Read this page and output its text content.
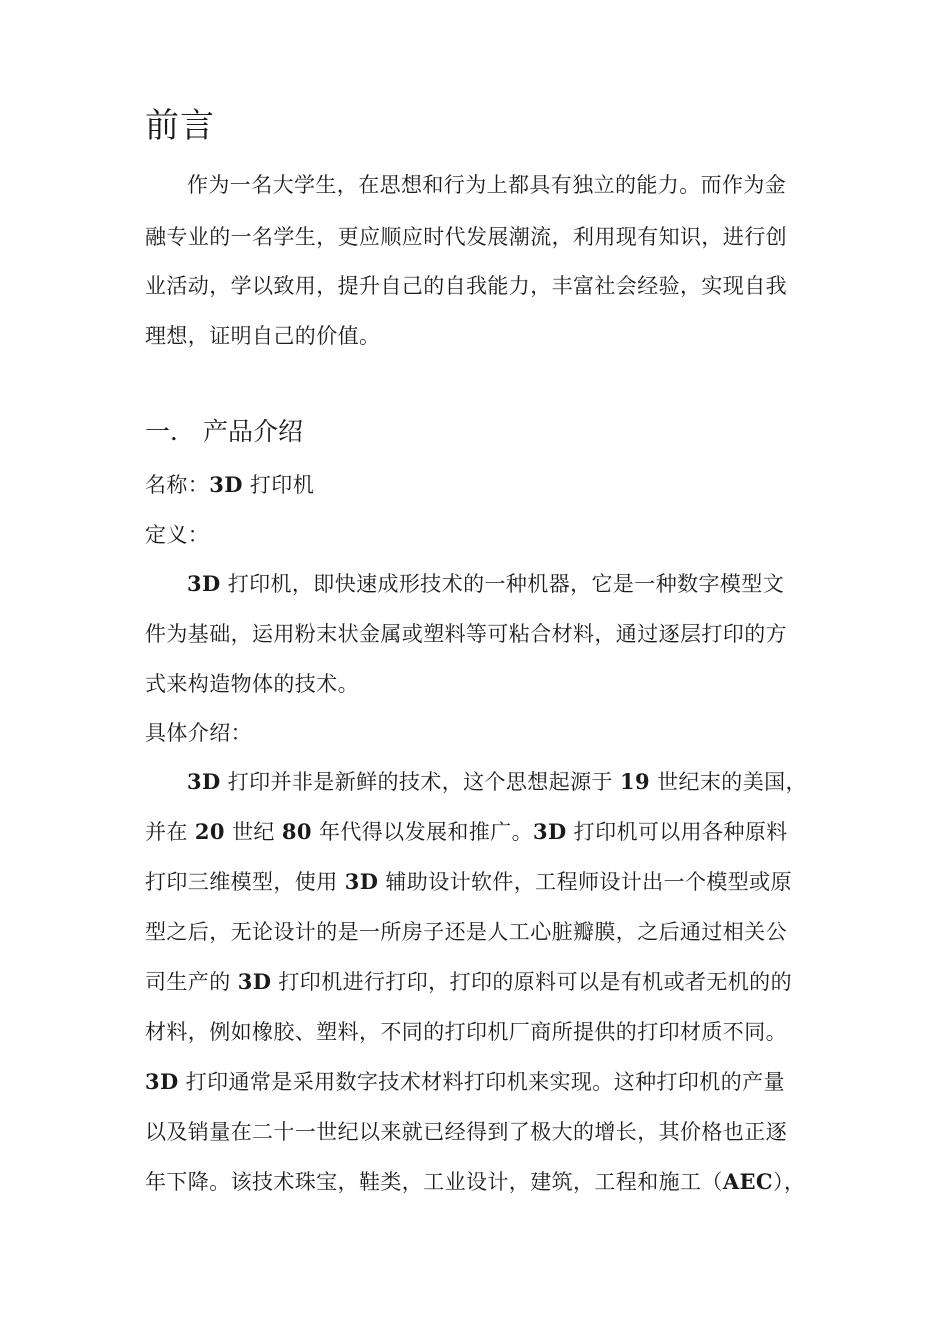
前言
作为一名大学生，在思想和行为上都具有独立的能力。而作为金
融专业的一名学生，更应顺应时代发展潮流，利用现有知识，进行创
业活动，学以致用，提升自己的自我能力，丰富社会经验，实现自我
理想，证明自己的价值。
一． 产品介绍
名称：3D 打印机
定义：
3D 打印机，即快速成形技术的一种机器，它是一种数字模型文
件为基础，运用粉末状金属或塑料等可粘合材料，通过逐层打印的方
式来构造物体的技术。
具体介绍：
3D 打印并非是新鲜的技术，这个思想起源于 19 世纪末的美国，
并在 20 世纪 80 年代得以发展和推广。3D 打印机可以用各种原料
打印三维模型，使用 3D 辅助设计软件，工程师设计出一个模型或原
型之后，无论设计的是一所房子还是人工心脏瓣膜，之后通过相关公
司生产的 3D 打印机进行打印，打印的原料可以是有机或者无机的的
材料，例如橡胶、塑料，不同的打印机厂商所提供的打印材质不同。
3D 打印通常是采用数字技术材料打印机来实现。这种打印机的产量
以及销量在二十一世纪以来就已经得到了极大的增长，其价格也正逐
年下降。该技术珠宝，鞋类，工业设计，建筑，工程和施工（AEC），
